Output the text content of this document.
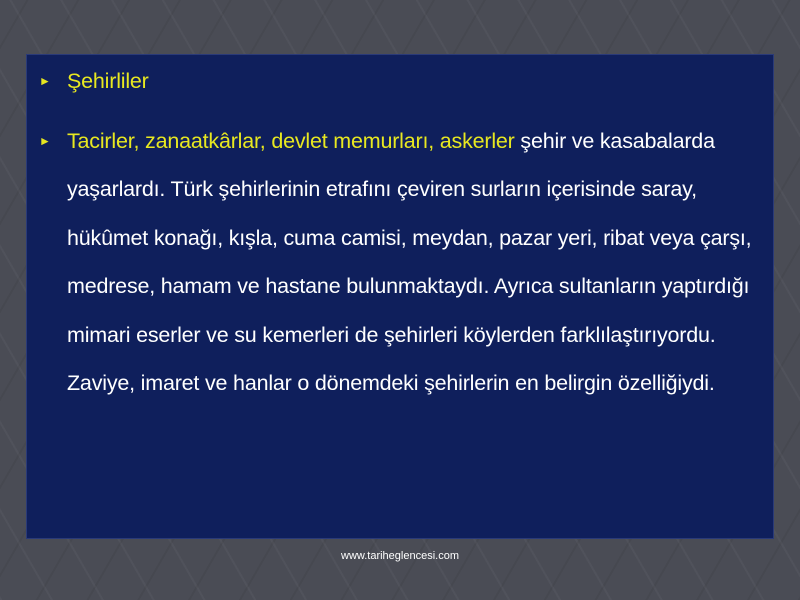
► Şehirliler
► Tacirler, zanaatkârlar, devlet memurları, askerler şehir ve kasabalarda yaşarlardı. Türk şehirlerinin etrafını çeviren surların içerisinde saray, hükûmet konağı, kışla, cuma camisi, meydan, pazar yeri, ribat veya çarşı, medrese, hamam ve hastane bulunmaktaydı. Ayrıca sultanların yaptırdığı mimari eserler ve su kemerleri de şehirleri köylerden farklılaştırıyordu. Zaviye, imaret ve hanlar o dönemdeki şehirlerin en belirgin özelliğiydi.
www.tariheglencesi.com
